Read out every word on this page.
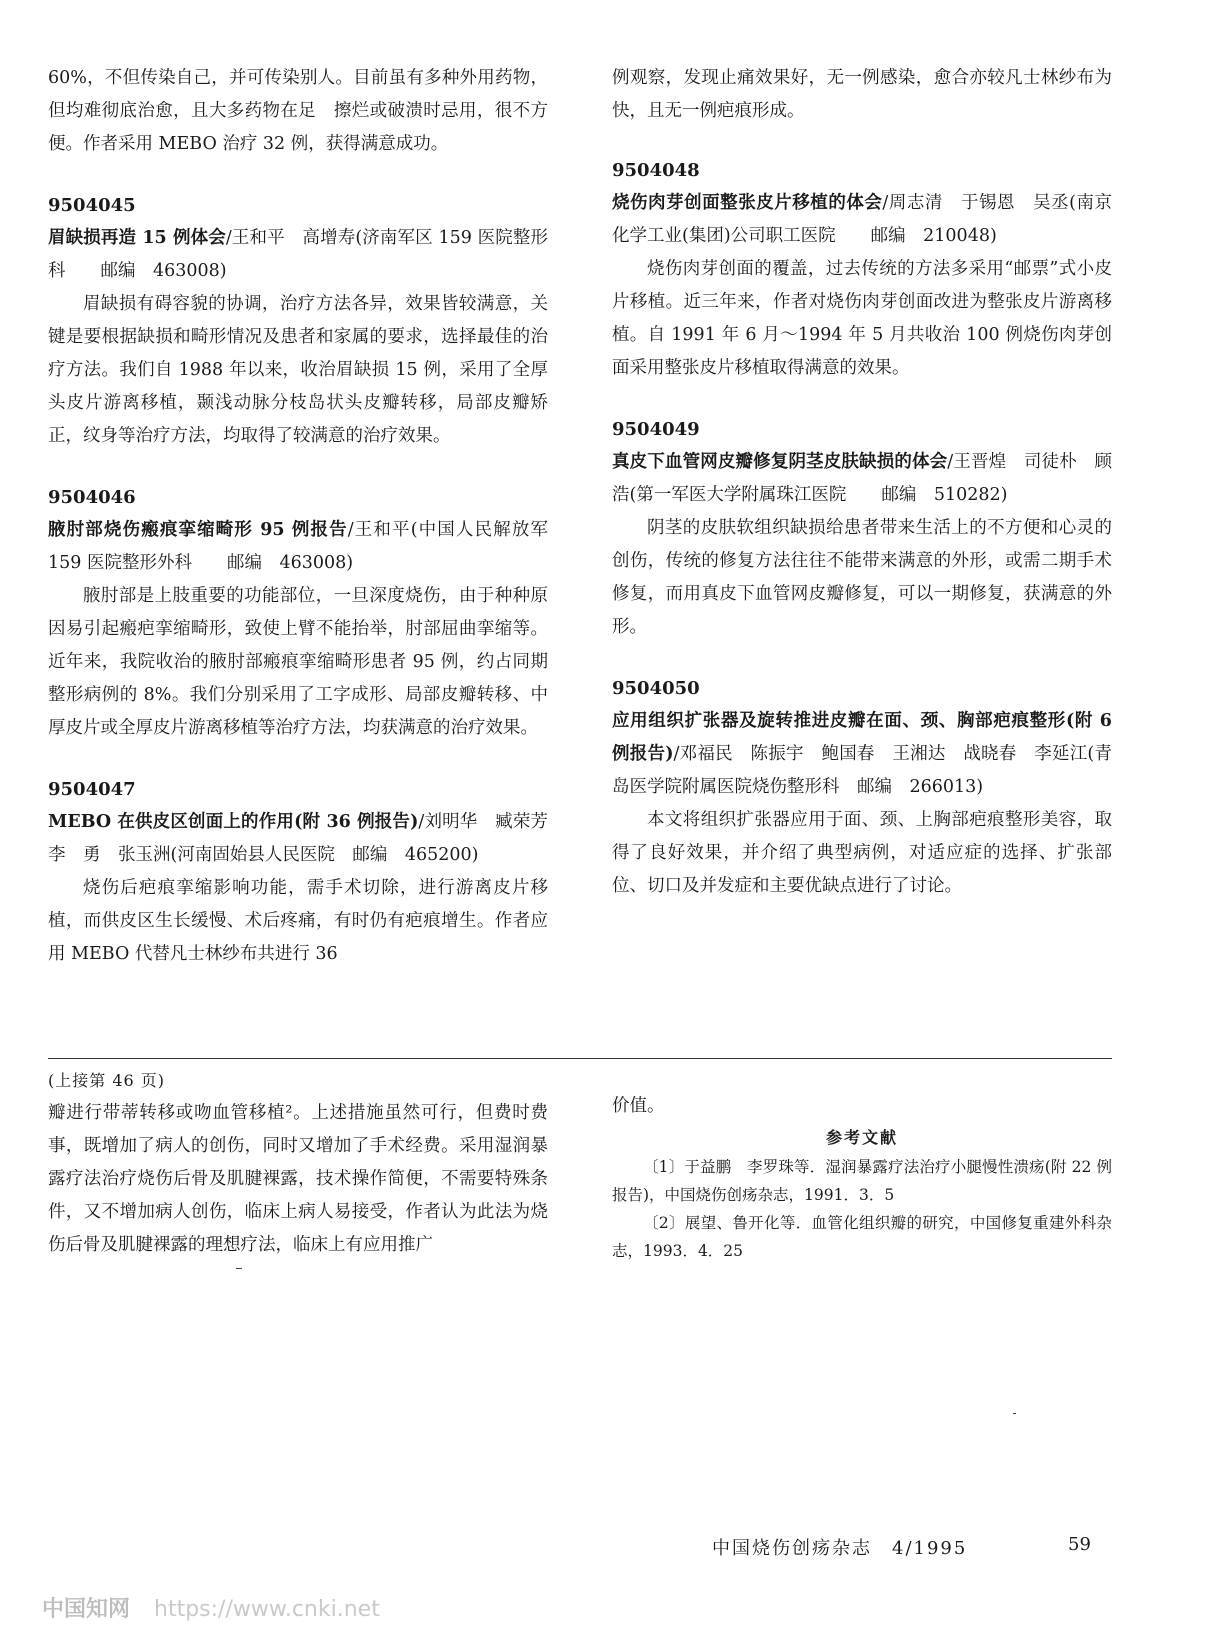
60%，不但传染自己，并可传染别人。目前虽有多种外用药物，但均难彻底治愈，且大多药物在足　擦烂或破溃时忌用，很不方便。作者采用 MEBO 治疗 32 例，获得满意成功。

9504045

眉缺损再造 15 例体会/王和平　高增寿(济南军区 159 医院整形科　　邮编　463008)

眉缺损有碍容貌的协调，治疗方法各异，效果皆较满意，关键是要根据缺损和畸形情况及患者和家属的要求，选择最佳的治疗方法。我们自 1988 年以来，收治眉缺损 15 例，采用了全厚头皮片游离移植，颞浅动脉分枝岛状头皮瓣转移，局部皮瓣矫正，纹身等治疗方法，均取得了较满意的治疗效果。

9504046

腋肘部烧伤瘢痕挛缩畸形 95 例报告/王和平(中国人民解放军 159 医院整形外科　　邮编　463008)

腋肘部是上肢重要的功能部位，一旦深度烧伤，由于种种原因易引起瘢疤挛缩畸形，致使上臂不能抬举，肘部屈曲挛缩等。近年来，我院收治的腋肘部瘢痕挛缩畸形患者 95 例，约占同期整形病例的 8%。我们分别采用了工字成形、局部皮瓣转移、中厚皮片或全厚皮片游离移植等治疗方法，均获满意的治疗效果。

9504047

MEBO 在供皮区创面上的作用(附 36 例报告)/刘明华　臧荣芳　李　勇　张玉洲(河南固始县人民医院　邮编　465200)

烧伤后疤痕挛缩影响功能，需手术切除，进行游离皮片移植，而供皮区生长缓慢、术后疼痛，有时仍有疤痕增生。作者应用 MEBO 代替凡士林纱布共进行 36

例观察，发现止痛效果好，无一例感染，愈合亦较凡士林纱布为快，且无一例疤痕形成。

9504048

烧伤肉芽创面整张皮片移植的体会/周志清　于锡恩　吴丞(南京化学工业(集团)公司职工医院　　邮编　210048)

烧伤肉芽创面的覆盖，过去传统的方法多采用“邮票”式小皮片移植。近三年来，作者对烧伤肉芽创面改进为整张皮片游离移植。自 1991 年 6 月～1994 年 5 月共收治 100 例烧伤肉芽创面采用整张皮片移植取得满意的效果。

9504049

真皮下血管网皮瓣修复阴茎皮肤缺损的体会/王晋煌　司徒朴　顾浩(第一军医大学附属珠江医院　　邮编　510282)

阴茎的皮肤软组织缺损给患者带来生活上的不方便和心灵的创伤，传统的修复方法往往不能带来满意的外形，或需二期手术修复，而用真皮下血管网皮瓣修复，可以一期修复，获满意的外形。

9504050

应用组织扩张器及旋转推进皮瓣在面、颈、胸部疤痕整形(附 6 例报告)/邓福民　陈振宇　鲍国春　王湘达　战晓春　李延江(青岛医学院附属医院烧伤整形科　邮编　266013)

本文将组织扩张器应用于面、颈、上胸部疤痕整形美容，取得了良好效果，并介绍了典型病例，对适应症的选择、扩张部位、切口及并发症和主要优缺点进行了讨论。

(上接第 46 页)

瓣进行带蒂转移或吻血管移植²。上述措施虽然可行，但费时费事，既增加了病人的创伤，同时又增加了手术经费。采用湿润暴露疗法治疗烧伤后骨及肌腱裸露，技术操作简便，不需要特殊条件，又不增加病人创伤，临床上病人易接受，作者认为此法为烧伤后骨及肌腱裸露的理想疗法，临床上有应用推广

价值。

参考文献

〔1〕于益鹏　李罗珠等．湿润暴露疗法治疗小腿慢性溃疡(附 22 例报告)，中国烧伤创疡杂志，1991．3．5

〔2〕展望、鲁开化等．血管化组织瓣的研究，中国修复重建外科杂志，1993．4．25

中国烧伤创疡杂志　4/1995	59
中国知网 https://www.cnki.net
